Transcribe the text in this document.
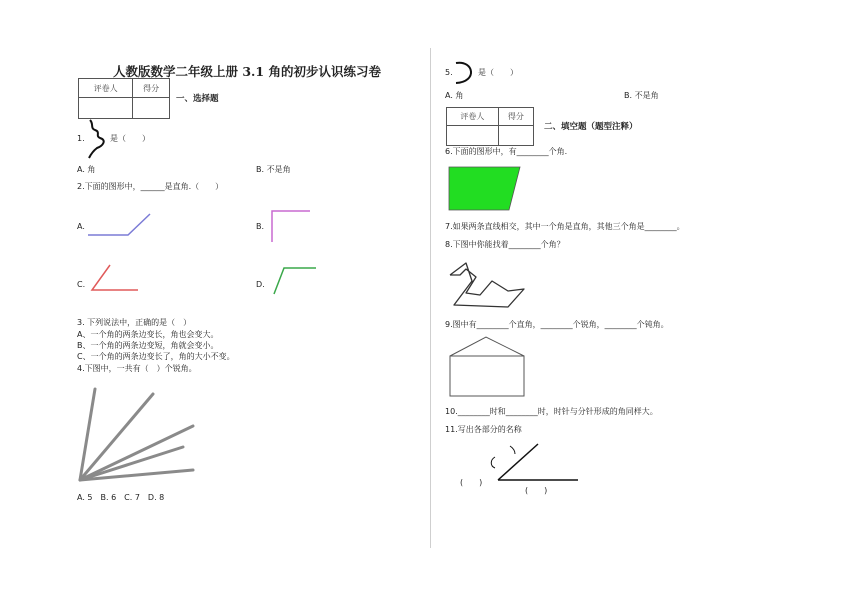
人教版数学二年级上册 3.1 角的初步认识练习卷
评卷人	得分

一、选择题
1.	是（　　）
A. 角	B. 不是角
2.下面的图形中，______是直角.（　　）
A.	B.
C.	D.
3. 下列说法中，正确的是（　）
A、一个角的两条边变长，角也会变大。
B、一个角的两条边变短，角就会变小。
C、一个角的两条边变长了，角的大小不变。
4.下图中，一共有（　）个锐角。
A. 5　B. 6　C. 7　D. 8
5.	是（　　）
A. 角	B. 不是角
评卷人	得分

二、填空题（题型注释）
6.下面的图形中，有________个角.
7.如果两条直线相交，其中一个角是直角，其他三个角是________。
8.下图中你能找着________个角？
9.图中有________个直角，________个锐角，________个钝角。
10.________时和________时，时针与分针形成的角同样大。
11.写出各部分的名称
(　　)
(　　)
